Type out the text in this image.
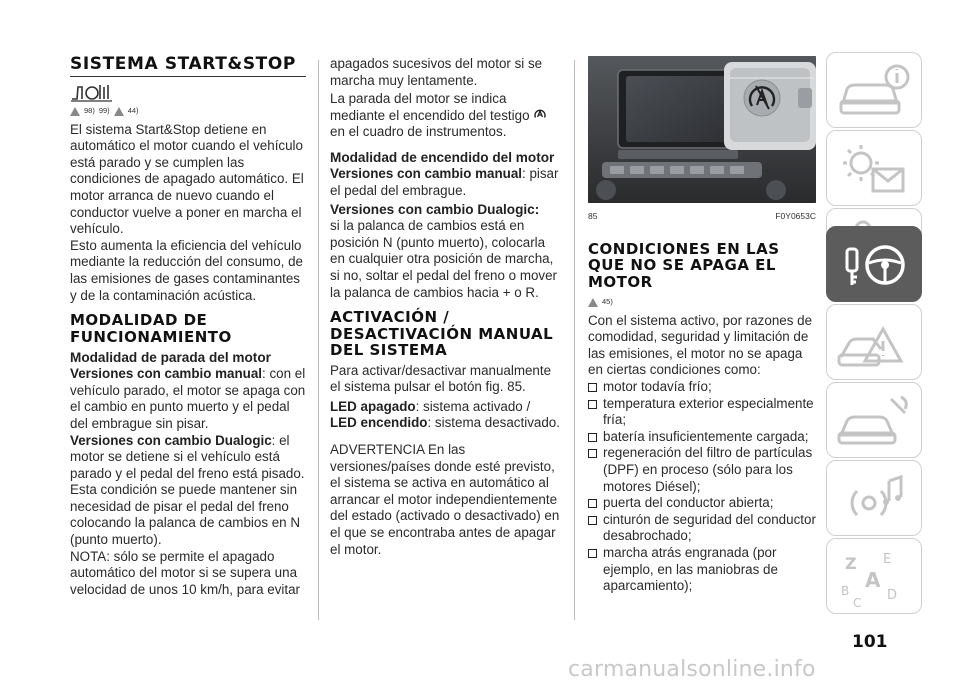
SISTEMA START&STOP
98) 99) 44)

El sistema Start&Stop detiene en automático el motor cuando el vehículo está parado y se cumplen las condiciones de apagado automático. El motor arranca de nuevo cuando el conductor vuelve a poner en marcha el vehículo.

Esto aumenta la eficiencia del vehículo mediante la reducción del consumo, de las emisiones de gases contaminantes y de la contaminación acústica.

MODALIDAD DE FUNCIONAMIENTO
Modalidad de parada del motor

Versiones con cambio manual: con el vehículo parado, el motor se apaga con el cambio en punto muerto y el pedal del embrague sin pisar.

Versiones con cambio Dualogic: el motor se detiene si el vehículo está parado y el pedal del freno está pisado. Esta condición se puede mantener sin necesidad de pisar el pedal del freno colocando la palanca de cambios en N (punto muerto).

NOTA: sólo se permite el apagado automático del motor si se supera una velocidad de unos 10 km/h, para evitar

apagados sucesivos del motor si se marcha muy lentamente.

La parada del motor se indica mediante el encendido del testigo  en el cuadro de instrumentos.

Modalidad de encendido del motor

Versiones con cambio manual: pisar el pedal del embrague.

Versiones con cambio Dualogic:

si la palanca de cambios está en posición N (punto muerto), colocarla en cualquier otra posición de marcha, si no, soltar el pedal del freno o mover la palanca de cambios hacia + o R.

ACTIVACIÓN / DESACTIVACIÓN MANUAL DEL SISTEMA

Para activar/desactivar manualmente el sistema pulsar el botón fig. 85.

LED apagado: sistema activado /

LED encendido: sistema desactivado.

ADVERTENCIA En las versiones/países donde esté previsto, el sistema se activa en automático al arrancar el motor independientemente del estado (activado o desactivado) en el que se encontraba antes de apagar el motor.

85	F0Y0653C
CONDICIONES EN LAS QUE NO SE APAGA EL MOTOR
45)

Con el sistema activo, por razones de comodidad, seguridad y limitación de las emisiones, el motor no se apaga en ciertas condiciones como:

motor todavía frío;
temperatura exterior especialmente fría;
batería insuficientemente cargada;
regeneración del filtro de partículas (DPF) en proceso (sólo para los motores Diésel);
puerta del conductor abierta;
cinturón de seguridad del conductor desabrochado;
marcha atrás engranada (por ejemplo, en las maniobras de aparcamiento);
Z E
A
B	D
C
101
carmanualsonline.info
